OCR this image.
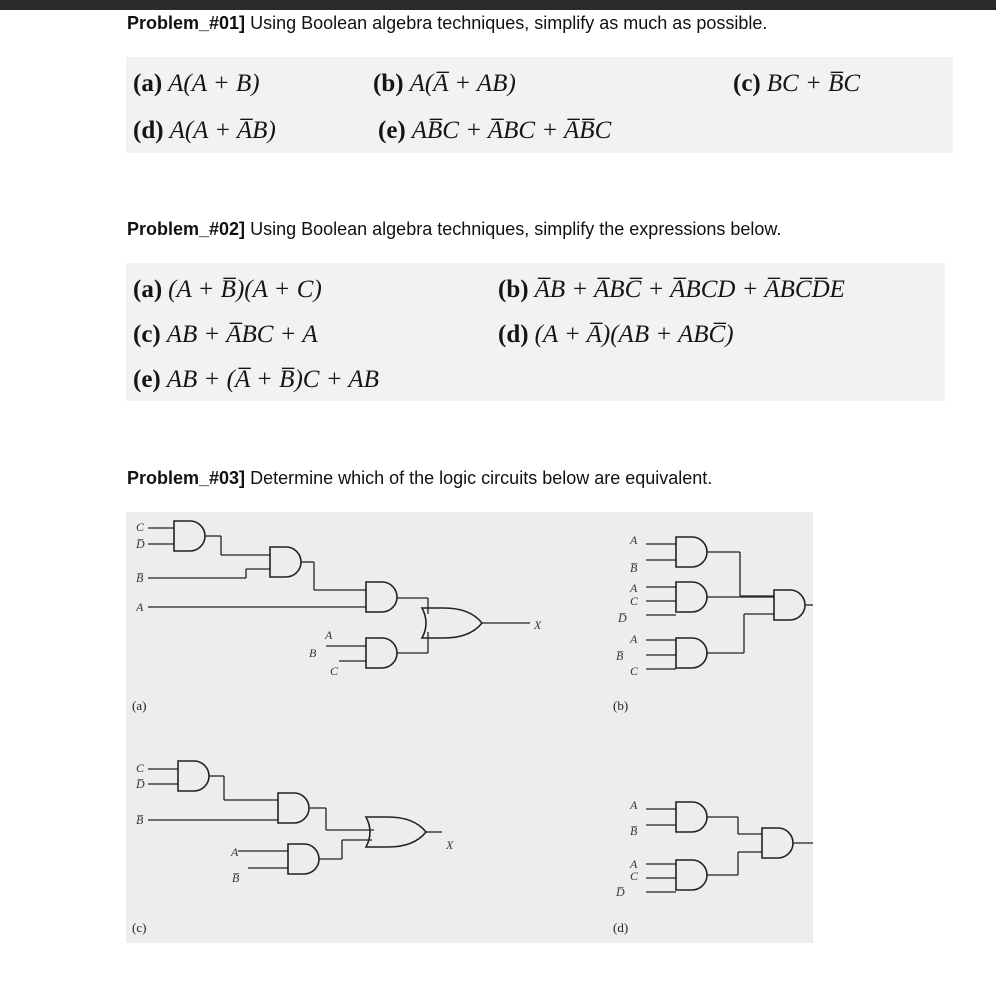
Problem_#01] Using Boolean algebra techniques, simplify as much as possible.
(a) A(A + B)	(b) A(A̅ + AB)	(c) BC + B̅C
(d) A(A + A̅B)	(e) AB̅C + A̅BC + A̅B̅C
Problem_#02] Using Boolean algebra techniques, simplify the expressions below.
(a) (A + B̅)(A + C)	(b) A̅B + A̅BC̅ + A̅BCD + A̅BC̅D̅E
(c) AB + A̅BC + A	(d) (A + A̅)(AB + ABC̅)
(e) AB + (A̅ + B̅)C + AB
Problem_#03] Determine which of the logic circuits below are equivalent.
C
D̅
B̅
A
A
B
C
X
A
B̅
A
C
D̅
A
B̅
C
C
D̅
B̅
A
B̅
X
A
B̅
A
C
D̅
(a)	(b)
(c)	(d)
